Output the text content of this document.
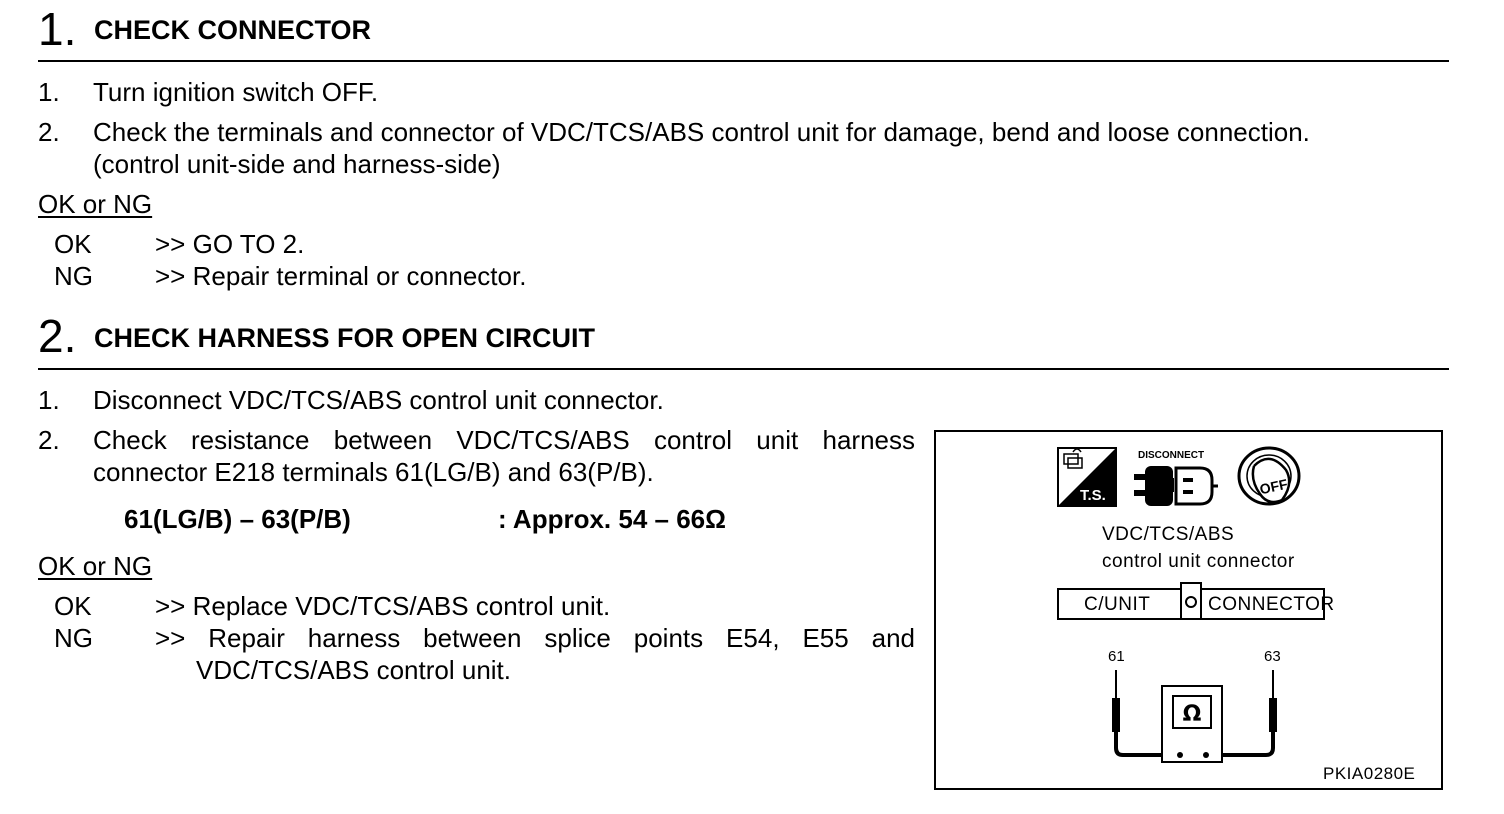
1. CHECK CONNECTOR
1. Turn ignition switch OFF.
2. Check the terminals and connector of VDC/TCS/ABS control unit for damage, bend and loose connection.
(control unit-side and harness-side)
OK or NG
OK >> GO TO 2.
NG >> Repair terminal or connector.
2. CHECK HARNESS FOR OPEN CIRCUIT
1. Disconnect VDC/TCS/ABS control unit connector.
2. Check resistance between VDC/TCS/ABS control unit harness
connector E218 terminals 61(LG/B) and 63(P/B).
61(LG/B) – 63(P/B)	: Approx. 54 – 66Ω
OK or NG
OK >> Replace VDC/TCS/ABS control unit.
NG >> Repair harness between splice points E54, E55 and
VDC/TCS/ABS control unit.
T.S.
DISCONNECT
OFF
Ω
VDC/TCS/ABS
control unit connector
C/UNIT	CONNECTOR
61	63
PKIA0280E
